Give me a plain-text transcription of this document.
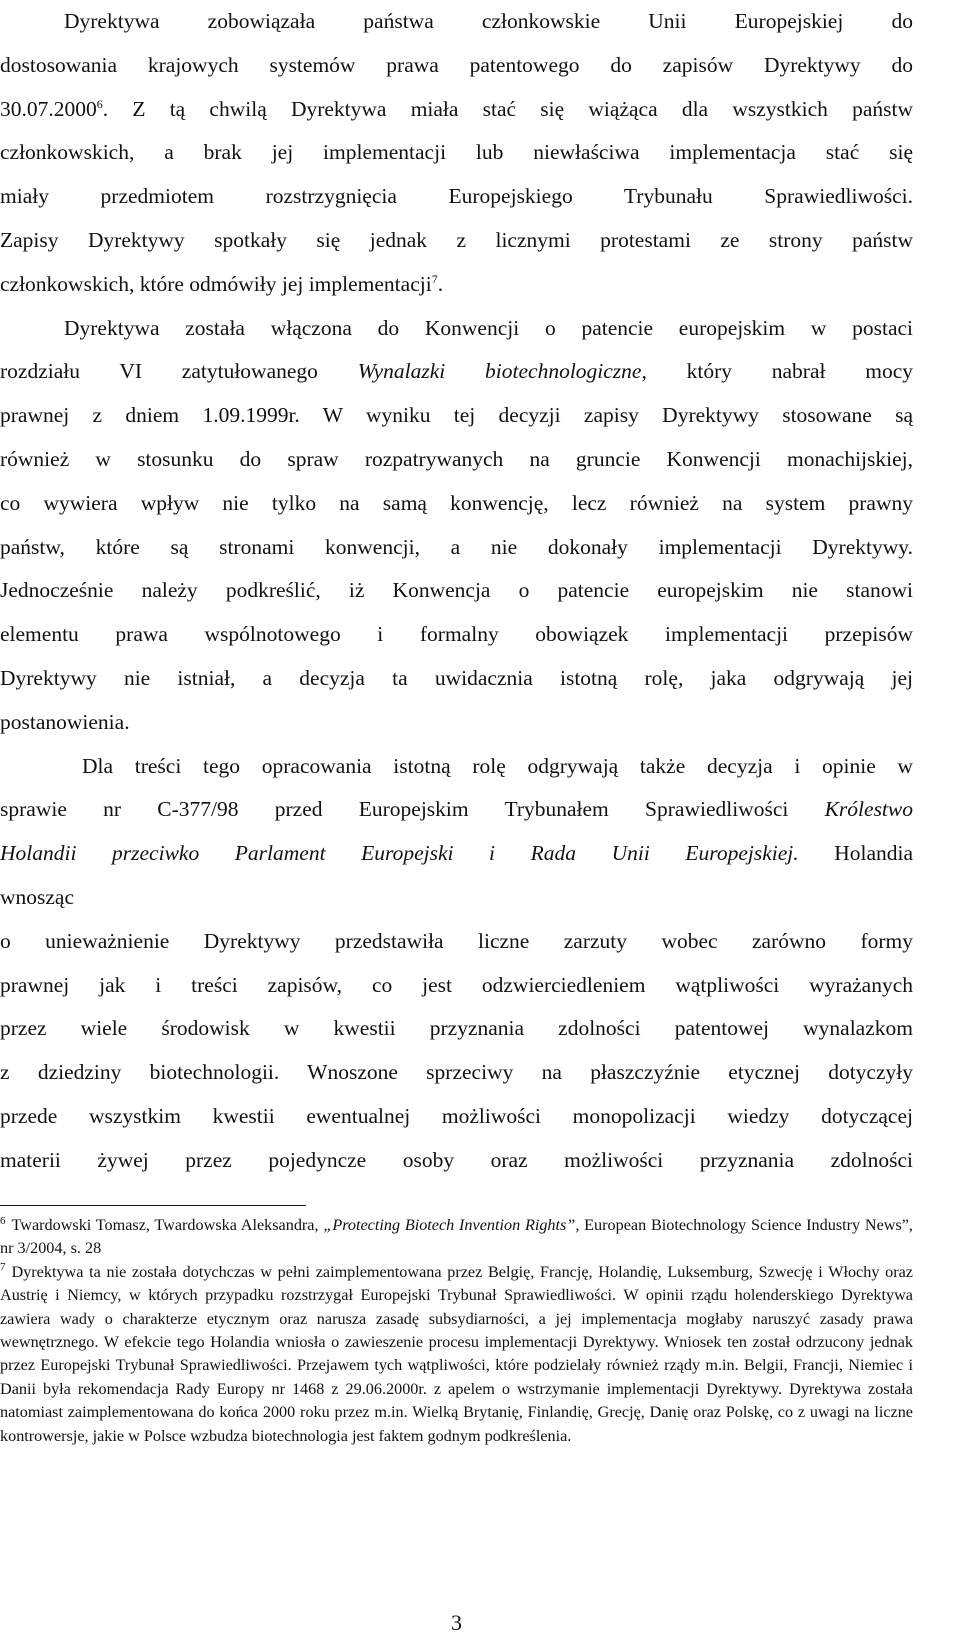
Dyrektywa zobowiązała państwa członkowskie Unii Europejskiej do
dostosowania krajowych systemów prawa patentowego do zapisów Dyrektywy do
30.07.2000$^6$. Z tą chwilą Dyrektywa miała stać się wiążąca dla wszystkich państw
członkowskich, a brak jej implementacji lub niewłaściwa implementacja stać się
miały przedmiotem rozstrzygnięcia Europejskiego Trybunału Sprawiedliwości.
Zapisy Dyrektywy spotkały się jednak z licznymi protestami ze strony państw
członkowskich, które odmówiły jej implementacji$^7$.

Dyrektywa została włączona do Konwencji o patencie europejskim w postaci
rozdziału VI zatytułowanego Wynalazki biotechnologiczne, który nabrał mocy
prawnej z dniem 1.09.1999r. W wyniku tej decyzji zapisy Dyrektywy stosowane są
również w stosunku do spraw rozpatrywanych na gruncie Konwencji monachijskiej,
co wywiera wpływ nie tylko na samą konwencję, lecz również na system prawny
państw, które są stronami konwencji, a nie dokonały implementacji Dyrektywy.
Jednocześnie należy podkreślić, iż Konwencja o patencie europejskim nie stanowi
elementu prawa wspólnotowego i formalny obowiązek implementacji przepisów
Dyrektywy nie istniał, a decyzja ta uwidacznia istotną rolę, jaka odgrywają jej
postanowienia.

Dla treści tego opracowania istotną rolę odgrywają także decyzja i opinie w
sprawie nr C-377/98 przed Europejskim Trybunałem Sprawiedliwości Królestwo
Holandii przeciwko Parlament Europejski i Rada Unii Europejskiej. Holandia
wnosząc
o unieważnienie Dyrektywy przedstawiła liczne zarzuty wobec zarówno formy
prawnej jak i treści zapisów, co jest odzwierciedleniem wątpliwości wyrażanych
przez wiele środowisk w kwestii przyznania zdolności patentowej wynalazkom
z dziedziny biotechnologii. Wnoszone sprzeciwy na płaszczyźnie etycznej dotyczyły
przede wszystkim kwestii ewentualnej możliwości monopolizacji wiedzy dotyczącej
materii żywej przez pojedyncze osoby oraz możliwości przyznania zdolności

$^6$ Twardowski Tomasz, Twardowska Aleksandra, „Protecting Biotech Invention Rights”, European Biotechnology Science Industry News”, nr 3/2004, s. 28

$^7$ Dyrektywa ta nie została dotychczas w pełni zaimplementowana przez Belgię, Francję, Holandię, Luksemburg, Szwecję i Włochy oraz Austrię i Niemcy, w których przypadku rozstrzygał Europejski Trybunał Sprawiedliwości. W opinii rządu holenderskiego Dyrektywa zawiera wady o charakterze etycznym oraz narusza zasadę subsydiarności, a jej implementacja mogłaby naruszyć zasady prawa wewnętrznego. W efekcie tego Holandia wniosła o zawieszenie procesu implementacji Dyrektywy. Wniosek ten został odrzucony jednak przez Europejski Trybunał Sprawiedliwości. Przejawem tych wątpliwości, które podzielały również rządy m.in. Belgii, Francji, Niemiec i Danii była rekomendacja Rady Europy nr 1468 z 29.06.2000r. z apelem o wstrzymanie implementacji Dyrektywy. Dyrektywa została natomiast zaimplementowana do końca 2000 roku przez m.in. Wielką Brytanię, Finlandię, Grecję, Danię oraz Polskę, co z uwagi na liczne kontrowersje, jakie w Polsce wzbudza biotechnologia jest faktem godnym podkreślenia.

3
